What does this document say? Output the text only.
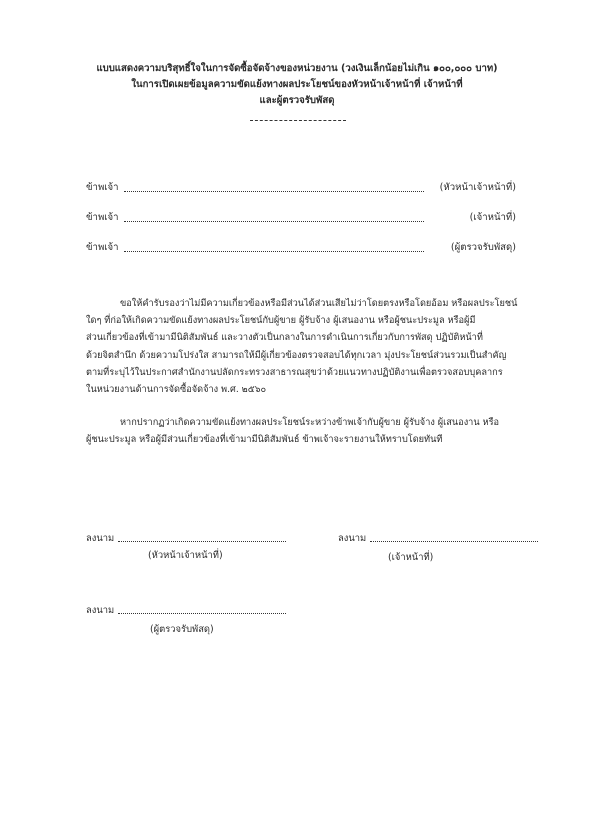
แบบแสดงความบริสุทธิ์ใจในการจัดซื้อจัดจ้างของหน่วยงาน (วงเงินเล็กน้อยไม่เกิน ๑๐๐,๐๐๐ บาท)
ในการเปิดเผยข้อมูลความขัดแย้งทางผลประโยชน์ของหัวหน้าเจ้าหน้าที่ เจ้าหน้าที่
และผู้ตรวจรับพัสดุ
ข้าพเจ้า	(หัวหน้าเจ้าหน้าที่)
ข้าพเจ้า	(เจ้าหน้าที่)
ข้าพเจ้า	(ผู้ตรวจรับพัสดุ)
ขอให้คำรับรองว่าไม่มีความเกี่ยวข้องหรือมีส่วนได้ส่วนเสียไม่ว่าโดยตรงหรือโดยอ้อม หรือผลประโยชน์
ใดๆ ที่ก่อให้เกิดความขัดแย้งทางผลประโยชน์กับผู้ขาย ผู้รับจ้าง ผู้เสนองาน หรือผู้ชนะประมูล หรือผู้มี
ส่วนเกี่ยวข้องที่เข้ามามีนิติสัมพันธ์ และวางตัวเป็นกลางในการดำเนินการเกี่ยวกับการพัสดุ ปฏิบัติหน้าที่
ด้วยจิตสำนึก ด้วยความโปร่งใส สามารถให้มีผู้เกี่ยวข้องตรวจสอบได้ทุกเวลา มุ่งประโยชน์ส่วนรวมเป็นสำคัญ
ตามที่ระบุไว้ในประกาศสำนักงานปลัดกระทรวงสาธารณสุขว่าด้วยแนวทางปฏิบัติงานเพื่อตรวจสอบบุคลากร
ในหน่วยงานด้านการจัดซื้อจัดจ้าง พ.ศ. ๒๕๖๐
หากปรากฏว่าเกิดความขัดแย้งทางผลประโยชน์ระหว่างข้าพเจ้ากับผู้ขาย ผู้รับจ้าง ผู้เสนองาน หรือ
ผู้ชนะประมูล หรือผู้มีส่วนเกี่ยวข้องที่เข้ามามีนิติสัมพันธ์ ข้าพเจ้าจะรายงานให้ทราบโดยทันที
ลงนาม
(หัวหน้าเจ้าหน้าที่)
ลงนาม
(เจ้าหน้าที่)
ลงนาม
(ผู้ตรวจรับพัสดุ)
